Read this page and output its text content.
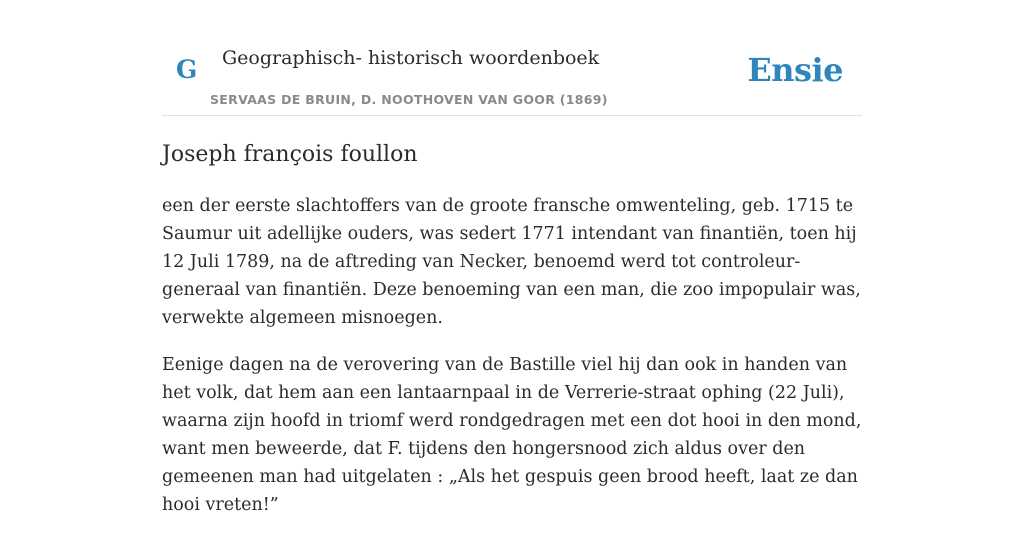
G Geographisch- historisch woordenboek
SERVAAS DE BRUIN, D. NOOTHOVEN VAN GOOR (1869)
Ensie
Joseph françois foullon

een der eerste slachtoffers van de groote fransche omwenteling, geb. 1715 te Saumur uit adellijke ouders, was sedert 1771 intendant van finantiën, toen hij 12 Juli 1789, na de aftreding van Necker, benoemd werd tot controleur-generaal van finantiën. Deze benoeming van een man, die zoo impopulair was, verwekte algemeen misnoegen.

Eenige dagen na de verovering van de Bastille viel hij dan ook in handen van het volk, dat hem aan een lantaarnpaal in de Verrerie-straat ophing (22 Juli), waarna zijn hoofd in triomf werd rondgedragen met een dot hooi in den mond, want men beweerde, dat F. tijdens den hongersnood zich aldus over den gemeenen man had uitgelaten : „Als het gespuis geen brood heeft, laat ze dan hooi vreten!”
